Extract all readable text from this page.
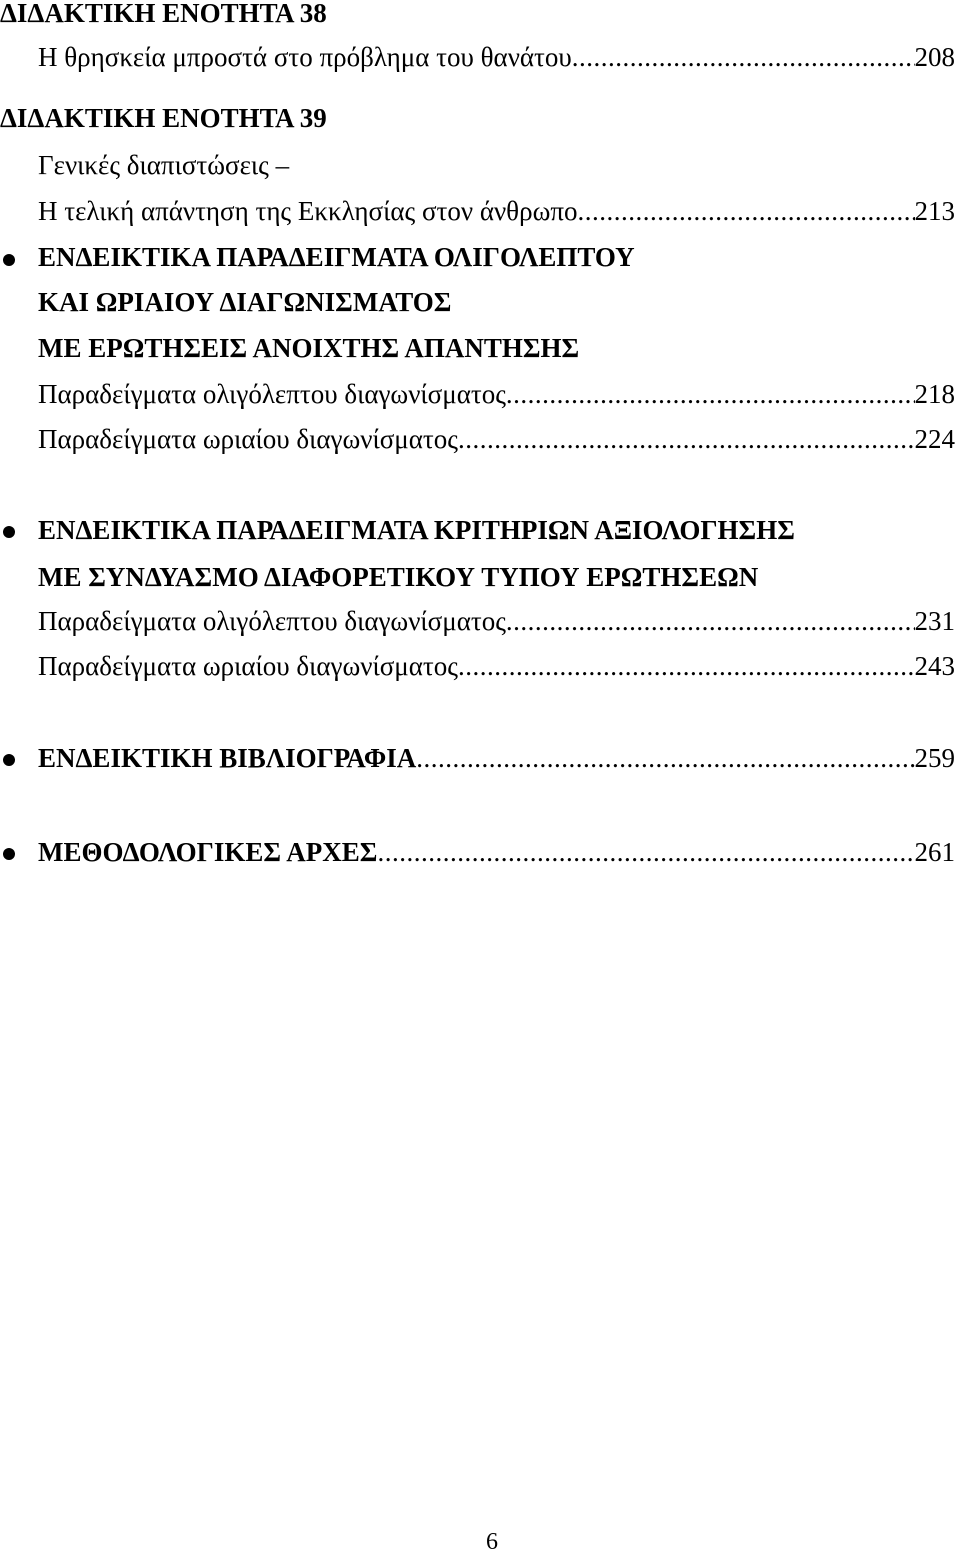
ΔΙΔΑΚΤΙΚΗ ΕΝΟΤΗΤΑ 38
Η θρησκεία μπροστά στο πρόβλημα του θανάτου .....	208
ΔΙΔΑΚΤΙΚΗ ΕΝΟΤΗΤΑ 39
Γενικές διαπιστώσεις –
Η τελική απάντηση της Εκκλησίας στον άνθρωπο .....	213
ΕΝΔΕΙΚΤΙΚΑ ΠΑΡΑΔΕΙΓΜΑΤΑ ΟΛΙΓΟΛΕΠΤΟΥ
ΚΑΙ ΩΡΙΑΙΟΥ ΔΙΑΓΩΝΙΣΜΑΤΟΣ
ΜΕ ΕΡΩΤΗΣΕΙΣ ΑΝΟΙΧΤΗΣ ΑΠΑΝΤΗΣΗΣ
Παραδείγματα ολιγόλεπτου διαγωνίσματος .....	218
Παραδείγματα ωριαίου διαγωνίσματος .....	224
ΕΝΔΕΙΚΤΙΚΑ ΠΑΡΑΔΕΙΓΜΑΤΑ ΚΡΙΤΗΡΙΩΝ ΑΞΙΟΛΟΓΗΣΗΣ
ΜΕ ΣΥΝΔΥΑΣΜΟ ΔΙΑΦΟΡΕΤΙΚΟΥ ΤΥΠΟΥ ΕΡΩΤΗΣΕΩΝ
Παραδείγματα ολιγόλεπτου διαγωνίσματος .....	231
Παραδείγματα ωριαίου διαγωνίσματος .....	243
ΕΝΔΕΙΚΤΙΚΗ ΒΙΒΛΙΟΓΡΑΦΙΑ .....	259
ΜΕΘΟΔΟΛΟΓΙΚΕΣ ΑΡΧΕΣ .....	261
6
